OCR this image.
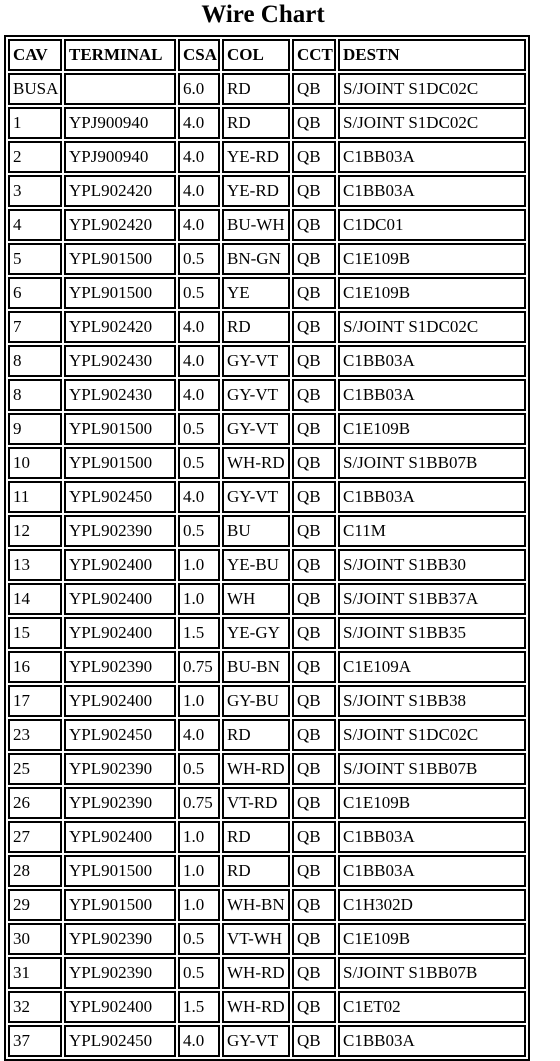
Wire Chart
CAV	TERMINAL	CSA	COL	CCT	DESTN
BUSA		6.0	RD	QB	S/JOINT S1DC02C
1	YPJ900940	4.0	RD	QB	S/JOINT S1DC02C
2	YPJ900940	4.0	YE-RD	QB	C1BB03A
3	YPL902420	4.0	YE-RD	QB	C1BB03A
4	YPL902420	4.0	BU-WH	QB	C1DC01
5	YPL901500	0.5	BN-GN	QB	C1E109B
6	YPL901500	0.5	YE	QB	C1E109B
7	YPL902420	4.0	RD	QB	S/JOINT S1DC02C
8	YPL902430	4.0	GY-VT	QB	C1BB03A
8	YPL902430	4.0	GY-VT	QB	C1BB03A
9	YPL901500	0.5	GY-VT	QB	C1E109B
10	YPL901500	0.5	WH-RD	QB	S/JOINT S1BB07B
11	YPL902450	4.0	GY-VT	QB	C1BB03A
12	YPL902390	0.5	BU	QB	C11M
13	YPL902400	1.0	YE-BU	QB	S/JOINT S1BB30
14	YPL902400	1.0	WH	QB	S/JOINT S1BB37A
15	YPL902400	1.5	YE-GY	QB	S/JOINT S1BB35
16	YPL902390	0.75	BU-BN	QB	C1E109A
17	YPL902400	1.0	GY-BU	QB	S/JOINT S1BB38
23	YPL902450	4.0	RD	QB	S/JOINT S1DC02C
25	YPL902390	0.5	WH-RD	QB	S/JOINT S1BB07B
26	YPL902390	0.75	VT-RD	QB	C1E109B
27	YPL902400	1.0	RD	QB	C1BB03A
28	YPL901500	1.0	RD	QB	C1BB03A
29	YPL901500	1.0	WH-BN	QB	C1H302D
30	YPL902390	0.5	VT-WH	QB	C1E109B
31	YPL902390	0.5	WH-RD	QB	S/JOINT S1BB07B
32	YPL902400	1.5	WH-RD	QB	C1ET02
37	YPL902450	4.0	GY-VT	QB	C1BB03A
